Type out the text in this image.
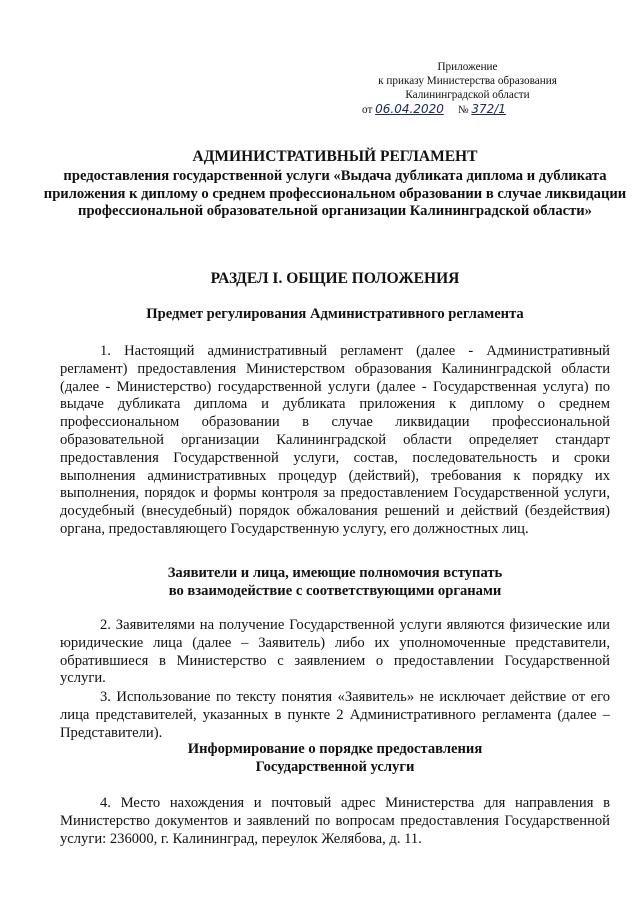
Приложение
к приказу Министерства образования
Калининградской области
от 06.04.2020 № 372/1
АДМИНИСТРАТИВНЫЙ РЕГЛАМЕНТ
предоставления государственной услуги «Выдача дубликата диплома и дубликата приложения к диплому о среднем профессиональном образовании в случае ликвидации профессиональной образовательной организации Калининградской области»
РАЗДЕЛ I. ОБЩИЕ ПОЛОЖЕНИЯ
Предмет регулирования Административного регламента
1. Настоящий административный регламент (далее - Административный регламент) предоставления Министерством образования Калининградской области (далее - Министерство) государственной услуги (далее - Государственная услуга) по выдаче дубликата диплома и дубликата приложения к диплому о среднем профессиональном образовании в случае ликвидации профессиональной образовательной организации Калининградской области определяет стандарт предоставления Государственной услуги, состав, последовательность и сроки выполнения административных процедур (действий), требования к порядку их выполнения, порядок и формы контроля за предоставлением Государственной услуги, досудебный (внесудебный) порядок обжалования решений и действий (бездействия) органа, предоставляющего Государственную услугу, его должностных лиц.
Заявители и лица, имеющие полномочия вступать
во взаимодействие с соответствующими органами
2. Заявителями на получение Государственной услуги являются физические или юридические лица (далее – Заявитель) либо их уполномоченные представители, обратившиеся в Министерство с заявлением о предоставлении Государственной услуги.
3. Использование по тексту понятия «Заявитель» не исключает действие от его лица представителей, указанных в пункте 2 Административного регламента (далее – Представители).
Информирование о порядке предоставления
Государственной услуги
4. Место нахождения и почтовый адрес Министерства для направления в Министерство документов и заявлений по вопросам предоставления Государственной услуги: 236000, г. Калининград, переулок Желябова, д. 11.
